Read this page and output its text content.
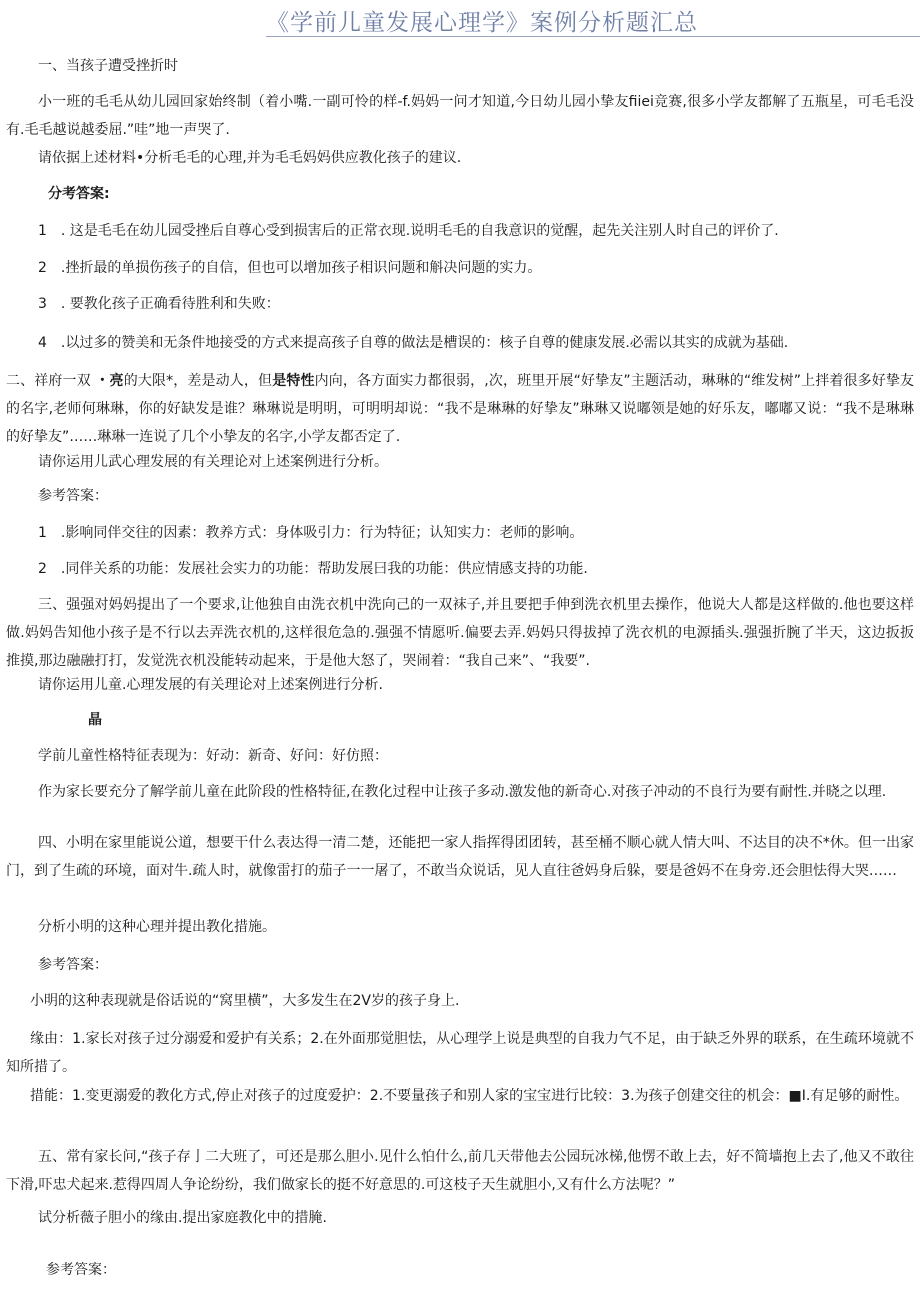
《学前儿童发展心理学》案例分析题汇总

一、当孩子遭受挫折时

小一班的毛毛从幼儿园回家始终制（着小嘴.一副可怜的样-f.妈妈一问才知道,今日幼儿园小挚友fiiei竞赛,很多小学友都解了五瓶星，可毛毛没有.毛毛越说越委屈.”哇”地一声哭了.

请依据上述材料•分析毛毛的心理,并为毛毛妈妈供应教化孩子的建议.

分考答案:

1　. 这是毛毛在幼儿园受挫后自尊心受到损害后的正常衣现.说明毛毛的自我意识的觉醒，起先关注别人时自己的评价了.

2　.挫折最的单损伤孩子的自信，但也可以增加孩子相识问题和斛决问题的实力。

3　. 要教化孩子正确看待胜利和失败：

4　.以过多的赞美和无条件地接受的方式来提高孩子自尊的做法是槽误的：核子自尊的健康发展.必需以其实的成就为基础.

二、祥府一双 ・亮的大限*，差是动人，但是特性内向，各方面实力都很弱，,次，班里开展“好挚友”主题活动，琳琳的“维发树”上拌着很多好挚友的名字,老师何琳琳，你的好缺发是谁？琳琳说是明明，可明明却说：“我不是琳琳的好挚友”琳琳又说嘟领是她的好乐友，嘟嘟又说：“我不是琳琳的好挚友”……琳琳一连说了几个小挚友的名字,小学友都否定了.

请你运用儿武心理发展的有关理论对上述案例进行分析。

参考答案：

1　.影响同伴交往的因素：教养方式：身体吸引力：行为特征；认知实力：老师的影响。

2　.同伴关系的功能：发展社会实力的功能：帮助发展曰我的功能：供应情感支持的功能.

三、强强对妈妈提出了一个要求,让他独自由洗衣机中洗向己的一双袜子,并且要把手伸到洗衣机里去操作，他说大人都是这样做的.他也要这样做.妈妈告知他小孩子是不行以去弄洗衣机的,这样很危急的.强强不情愿听.偏要去弄.妈妈只得拔掉了洗衣机的电源插头.强强折腕了半天，这边扳扳推摸,那边融融打打，发觉洗衣机没能转动起来，于是他大怒了，哭闹着：“我自己来”、“我要”.

请你运用儿童.心理发展的有关理论对上述案例进行分析.

晶

学前儿童性格特征表现为：好动：新奇、好问：好仿照：

作为家长要充分了解学前儿童在此阶段的性格特征,在教化过程中让孩子多动.激发他的新奇心.对孩子冲动的不良行为要有耐性.并晓之以理.

四、小明在家里能说公道，想要干什么表达得一清二楚，还能把一家人指挥得团团转，甚至桶不顺心就人情大叫、不达目的决不*休。但一出家门，到了生疏的环境，面对牛.疏人时，就像雷打的茄子一一屠了，不敢当众说话，见人直往爸妈身后躲，要是爸妈不在身旁.还会胆怯得大哭……

分析小明的这种心理并提出教化措施。

参考答案：

小明的这种表现就是俗话说的“窝里横”，大多发生在2V岁的孩子身上.

缘由：1.家长对孩子过分溺爱和爱护有关系；2.在外面那觉胆怯，从心理学上说是典型的自我力气不足，由于缺乏外界的联系，在生疏环境就不知所措了。

措能：1.变更溺爱的教化方式,停止对孩子的过度爱护：2.不要量孩子和别人家的宝宝进行比较：3.为孩子创建交往的机会：■I.有足够的耐性。

五、常有家长问,“孩子存亅二大班了，可还是那么胆小.见什么怕什么,前几天带他去公园玩冰梯,他愣不敢上去，好不简墙抱上去了,他又不敢往下滑,吓忠犬起来.惹得四周人争论纷纷，我们做家长的挺不好意思的.可这枝子天生就胆小,又有什么方法呢？”

试分析薇子胆小的缘由.提出家庭教化中的措腌.

参考答案：
